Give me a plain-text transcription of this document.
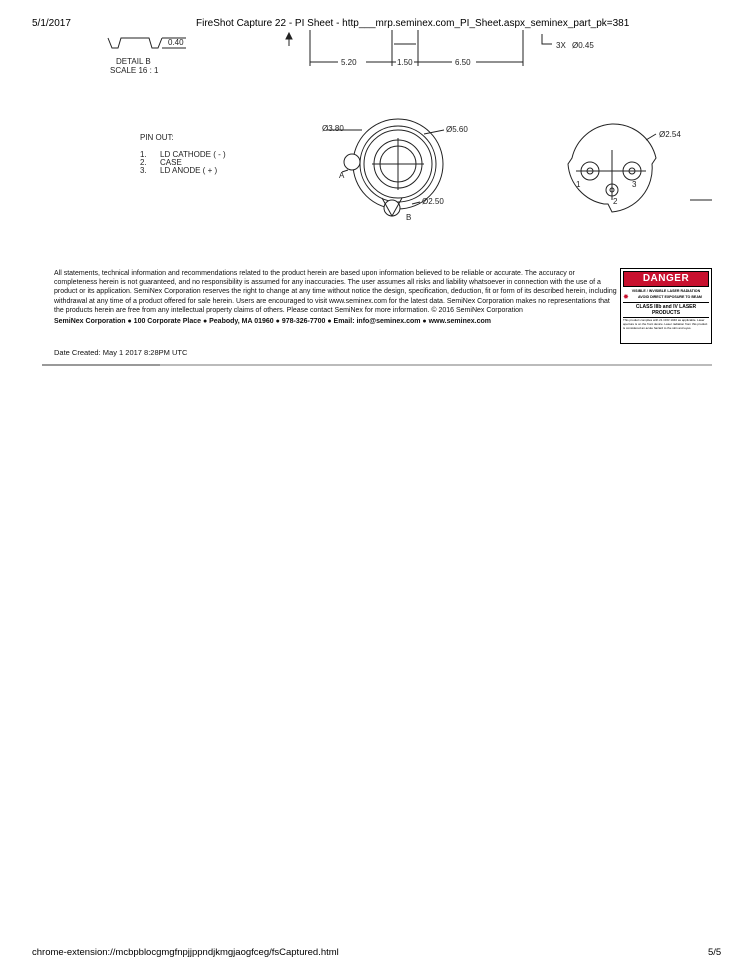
5/1/2017	FireShot Capture 22 - PI Sheet - http___mrp.seminex.com_PI_Sheet.aspx_seminex_part_pk=381
0.40
DETAIL B
SCALE 16 : 1
5.20	1.50	6.50
3X Ø0.45
PIN OUT:
1. LD CATHODE ( - )
2. CASE
3. LD ANODE ( + )
Ø3.80	Ø5.60
Ø2.50
A
B
Ø2.54
1
2
3
All statements, technical information and recommendations related to the product herein are based upon information believed to be reliable or accurate. The accuracy or completeness herein is not guaranteed, and no responsibility is assumed for any inaccuracies. The user assumes all risks and liability whatsoever in connection with the use of a product or its application. SemiNex Corporation reserves the right to change at any time without notice the design, specification, deduction, fit or form of its described herein, including withdrawal at any time of a product offered for sale herein. Users are encouraged to visit www.seminex.com for the latest data. SemiNex Corporation makes no representations that the products herein are free from any intellectual property claims of others. Please contact SemiNex for more information. © 2016 SemiNex Corporation
SemiNex Corporation ● 100 Corporate Place ● Peabody, MA 01960 ● 978-326-7700 ● Email: info@seminex.com ● www.seminex.com
DANGER
VISIBLE / INVISIBLE LASER RADIATION
✸	AVOID DIRECT EXPOSURE TO BEAM
CLASS IIIb and IV LASER
PRODUCTS
This product complies with 21 CFR 1040 as applicable. Laser aperture is on the front device. Laser radiation from this product is considered an acute hazard to the skin and eyes.
Date Created: May 1 2017 8:28PM UTC
chrome-extension://mcbpblocgmgfnpjjppndjkmgjaogfceg/fsCaptured.html	5/5
